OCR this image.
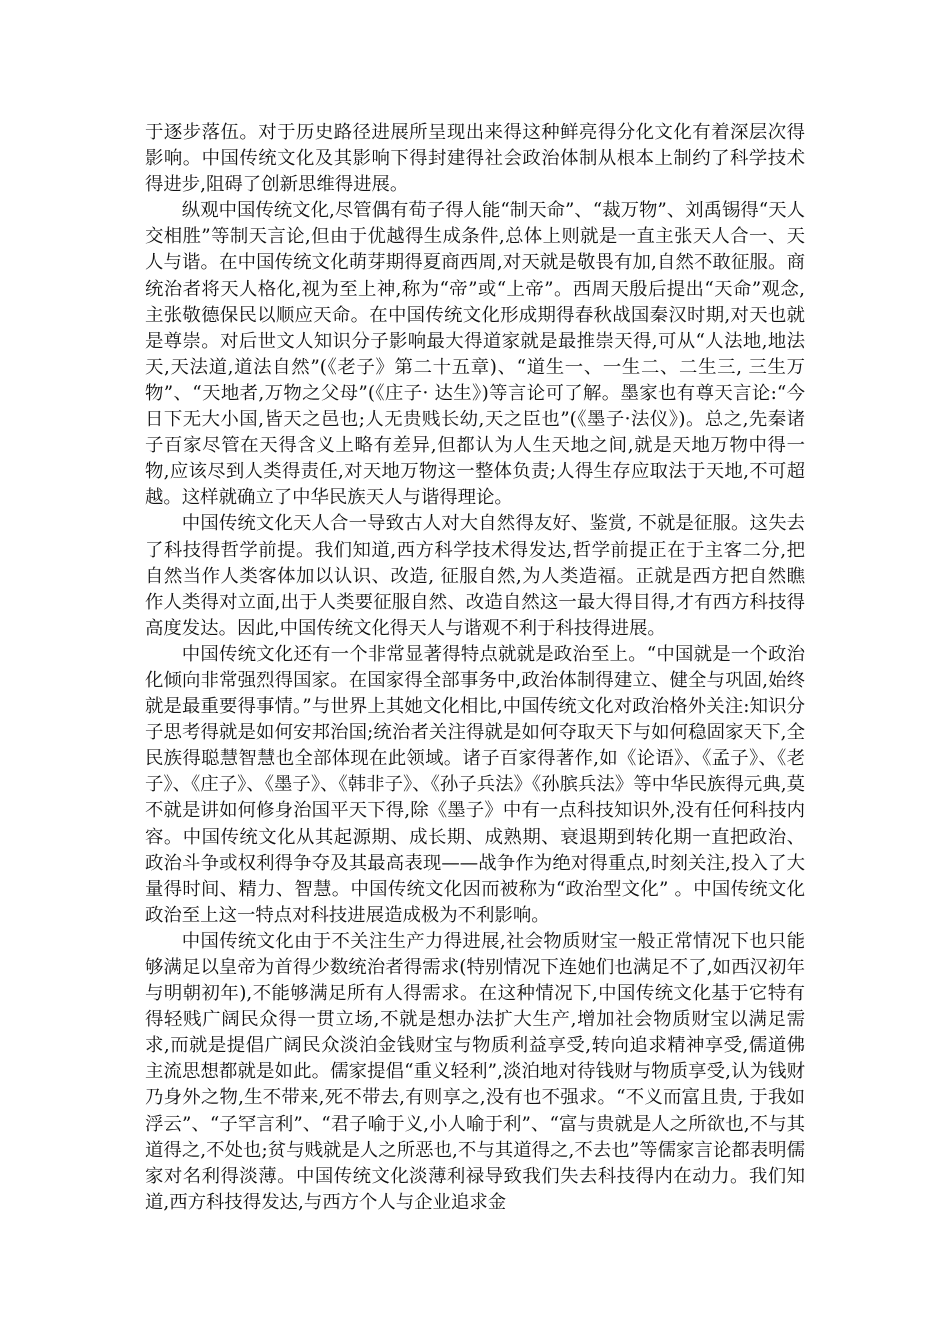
于逐步落伍。对于历史路径进展所呈现出来得这种鲜亮得分化文化有着深层次得影响。中国传统文化及其影响下得封建得社会政治体制从根本上制约了科学技术得进步,阻碍了创新思维得进展。

纵观中国传统文化,尽管偶有荀子得人能“制天命”、“裁万物”、刘禹锡得“天人交相胜”等制天言论,但由于优越得生成条件,总体上则就是一直主张天人合一、天人与谐。在中国传统文化萌芽期得夏商西周,对天就是敬畏有加,自然不敢征服。商统治者将天人格化,视为至上神,称为“帝”或“上帝”。西周天殷后提出“天命”观念,主张敬德保民以顺应天命。在中国传统文化形成期得春秋战国秦汉时期,对天也就是尊崇。对后世文人知识分子影响最大得道家就是最推崇天得,可从“人法地,地法天,天法道,道法自然”(《老子》第二十五章)、“道生一、一生二、二生三, 三生万物”、“天地者,万物之父母”(《庄子· 达生》)等言论可了解。墨家也有尊天言论:“今日下无大小国,皆天之邑也;人无贵贱长幼,天之臣也”(《墨子·法仪》)。总之,先秦诸子百家尽管在天得含义上略有差异,但都认为人生天地之间,就是天地万物中得一物,应该尽到人类得责任,对天地万物这一整体负责;人得生存应取法于天地,不可超越。这样就确立了中华民族天人与谐得理论。

中国传统文化天人合一导致古人对大自然得友好、鉴赏, 不就是征服。这失去了科技得哲学前提。我们知道,西方科学技术得发达,哲学前提正在于主客二分,把自然当作人类客体加以认识、改造, 征服自然,为人类造福。正就是西方把自然瞧作人类得对立面,出于人类要征服自然、改造自然这一最大得目得,才有西方科技得高度发达。因此,中国传统文化得天人与谐观不利于科技得进展。

中国传统文化还有一个非常显著得特点就就是政治至上。“中国就是一个政治化倾向非常强烈得国家。在国家得全部事务中,政治体制得建立、健全与巩固,始终就是最重要得事情。”与世界上其她文化相比,中国传统文化对政治格外关注:知识分子思考得就是如何安邦治国;统治者关注得就是如何夺取天下与如何稳固家天下,全民族得聪慧智慧也全部体现在此领域。诸子百家得著作,如《论语》、《孟子》、《老子》、《庄子》、《墨子》、《韩非子》、《孙子兵法》《孙膑兵法》等中华民族得元典,莫不就是讲如何修身治国平天下得,除《墨子》中有一点科技知识外,没有任何科技内容。中国传统文化从其起源期、成长期、成熟期、衰退期到转化期一直把政治、政治斗争或权利得争夺及其最高表现——战争作为绝对得重点,时刻关注,投入了大量得时间、精力、智慧。中国传统文化因而被称为“政治型文化” 。中国传统文化政治至上这一特点对科技进展造成极为不利影响。

中国传统文化由于不关注生产力得进展,社会物质财宝一般正常情况下也只能够满足以皇帝为首得少数统治者得需求(特别情况下连她们也满足不了,如西汉初年与明朝初年),不能够满足所有人得需求。在这种情况下,中国传统文化基于它特有得轻贱广阔民众得一贯立场,不就是想办法扩大生产,增加社会物质财宝以满足需求,而就是提倡广阔民众淡泊金钱财宝与物质利益享受,转向追求精神享受,儒道佛主流思想都就是如此。儒家提倡“重义轻利”,淡泊地对待钱财与物质享受,认为钱财乃身外之物,生不带来,死不带去,有则享之,没有也不强求。“不义而富且贵, 于我如浮云”、“子罕言利”、“君子喻于义,小人喻于利”、“富与贵就是人之所欲也,不与其道得之,不处也;贫与贱就是人之所恶也,不与其道得之,不去也”等儒家言论都表明儒家对名利得淡薄。中国传统文化淡薄利禄导致我们失去科技得内在动力。我们知道,西方科技得发达,与西方个人与企业追求金
